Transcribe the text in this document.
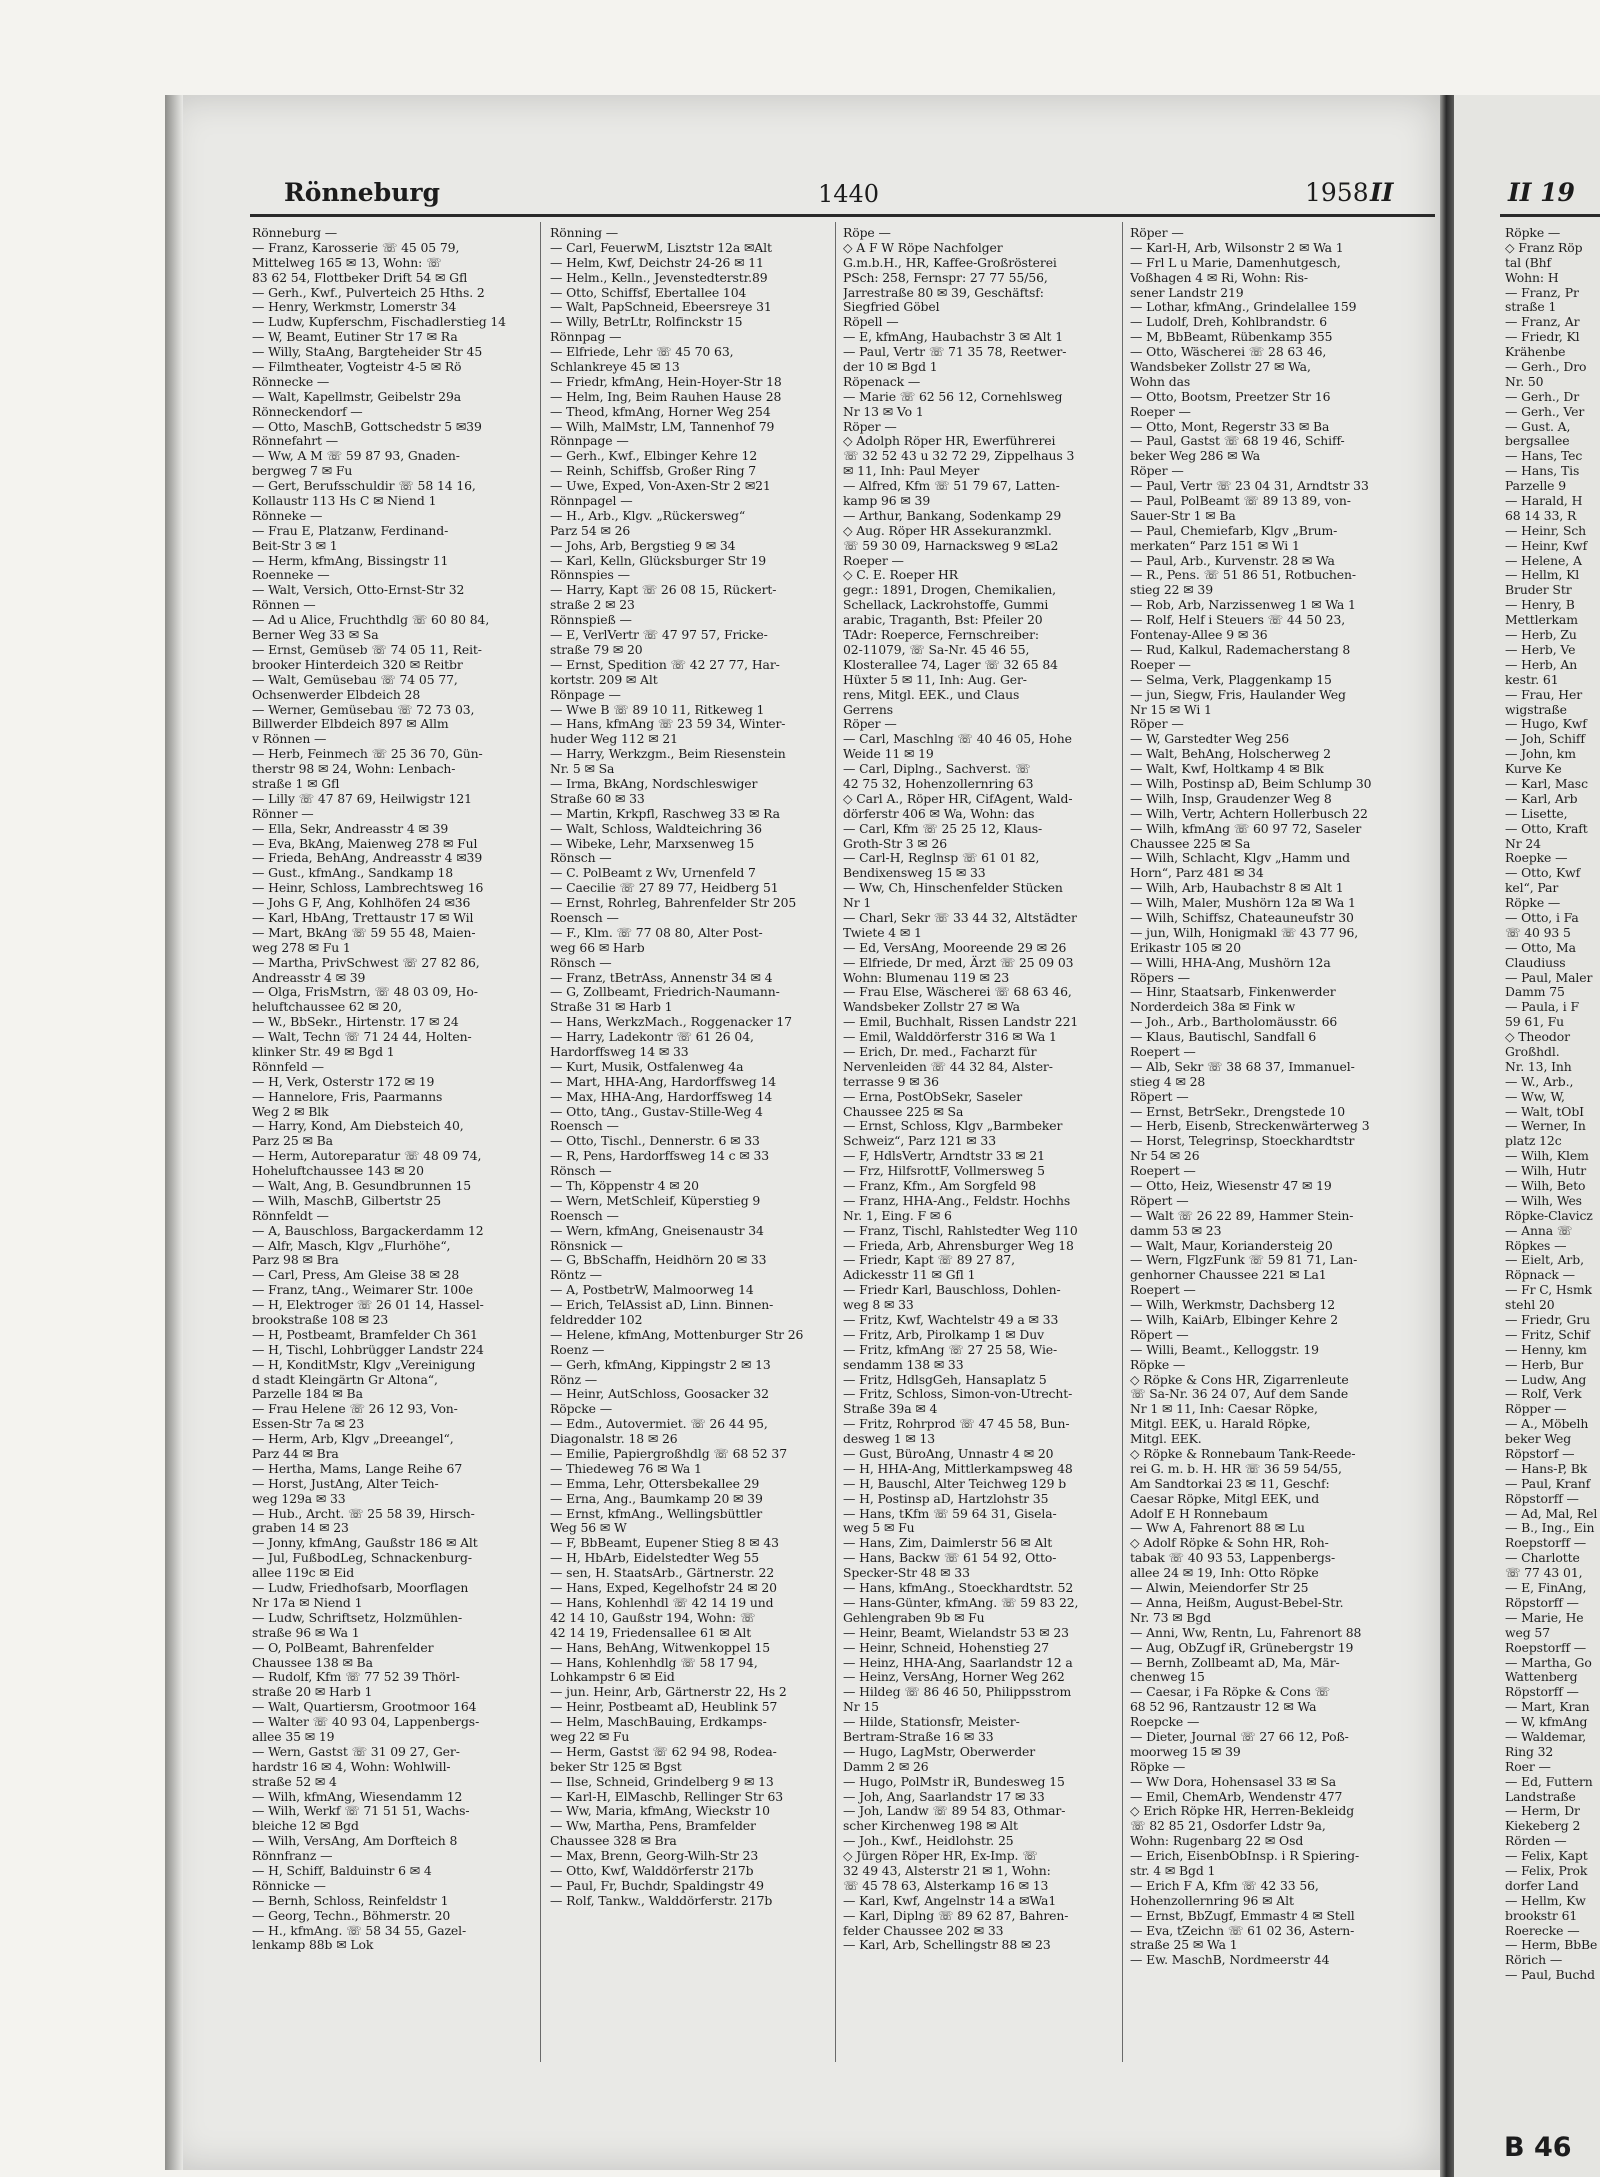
Rönneburg	1440	1958 II	II 19
Rönneburg —
— Franz, Karosserie ☏ 45 05 79,
Mittelweg 165 ✉ 13, Wohn: ☏
83 62 54, Flottbeker Drift 54 ✉ Gfl
— Gerh., Kwf., Pulverteich 25 Hths. 2
— Henry, Werkmstr, Lomerstr 34
— Ludw, Kupferschm, Fischadlerstieg 14
— W, Beamt, Eutiner Str 17 ✉ Ra
— Willy, StaAng, Bargteheider Str 45
— Filmtheater, Vogteistr 4-5 ✉ Rö
Rönnecke —
— Walt, Kapellmstr, Geibelstr 29a
Rönneckendorf —
— Otto, MaschB, Gottschedstr 5 ✉39
Rönnefahrt —
— Ww, A M ☏ 59 87 93, Gnaden-
bergweg 7 ✉ Fu
— Gert, Berufsschuldir ☏ 58 14 16,
Kollaustr 113 Hs C ✉ Niend 1
Rönneke —
— Frau E, Platzanw, Ferdinand-
Beit-Str 3 ✉ 1
— Herm, kfmAng, Bissingstr 11
Roenneke —
— Walt, Versich, Otto-Ernst-Str 32
Rönnen —
— Ad u Alice, Fruchthdlg ☏ 60 80 84,
Berner Weg 33 ✉ Sa
— Ernst, Gemüseb ☏ 74 05 11, Reit-
brooker Hinterdeich 320 ✉ Reitbr
— Walt, Gemüsebau ☏ 74 05 77,
Ochsenwerder Elbdeich 28
— Werner, Gemüsebau ☏ 72 73 03,
Billwerder Elbdeich 897 ✉ Allm
v Rönnen —
— Herb, Feinmech ☏ 25 36 70, Gün-
therstr 98 ✉ 24, Wohn: Lenbach-
straße 1 ✉ Gfl
— Lilly ☏ 47 87 69, Heilwigstr 121
Rönner —
— Ella, Sekr, Andreasstr 4 ✉ 39
— Eva, BkAng, Maienweg 278 ✉ Ful
— Frieda, BehAng, Andreasstr 4 ✉39
— Gust., kfmAng., Sandkamp 18
— Heinr, Schloss, Lambrechtsweg 16
— Johs G F, Ang, Kohlhöfen 24 ✉36
— Karl, HbAng, Trettaustr 17 ✉ Wil
— Mart, BkAng ☏ 59 55 48, Maien-
weg 278 ✉ Fu 1
— Martha, PrivSchwest ☏ 27 82 86,
Andreasstr 4 ✉ 39
— Olga, FrisMstrn, ☏ 48 03 09, Ho-
heluftchaussee 62 ✉ 20,
— W., BbSekr., Hirtenstr. 17 ✉ 24
— Walt, Techn ☏ 71 24 44, Holten-
klinker Str. 49 ✉ Bgd 1
Rönnfeld —
— H, Verk, Osterstr 172 ✉ 19
— Hannelore, Fris, Paarmanns
Weg 2 ✉ Blk
— Harry, Kond, Am Diebsteich 40,
Parz 25 ✉ Ba
— Herm, Autoreparatur ☏ 48 09 74,
Hoheluftchaussee 143 ✉ 20
— Walt, Ang, B. Gesundbrunnen 15
— Wilh, MaschB, Gilbertstr 25
Rönnfeldt —
— A, Bauschloss, Bargackerdamm 12
— Alfr, Masch, Klgv „Flurhöhe“,
Parz 98 ✉ Bra
— Carl, Press, Am Gleise 38 ✉ 28
— Franz, tAng., Weimarer Str. 100e
— H, Elektroger ☏ 26 01 14, Hassel-
brookstraße 108 ✉ 23
— H, Postbeamt, Bramfelder Ch 361
— H, Tischl, Lohbrügger Landstr 224
— H, KonditMstr, Klgv „Vereinigung
d stadt Kleingärtn Gr Altona“,
Parzelle 184 ✉ Ba
— Frau Helene ☏ 26 12 93, Von-
Essen-Str 7a ✉ 23
— Herm, Arb, Klgv „Dreeangel“,
Parz 44 ✉ Bra
— Hertha, Mams, Lange Reihe 67
— Horst, JustAng, Alter Teich-
weg 129a ✉ 33
— Hub., Archt. ☏ 25 58 39, Hirsch-
graben 14 ✉ 23
— Jonny, kfmAng, Gaußstr 186 ✉ Alt
— Jul, FußbodLeg, Schnackenburg-
allee 119c ✉ Eid
— Ludw, Friedhofsarb, Moorflagen
Nr 17a ✉ Niend 1
— Ludw, Schriftsetz, Holzmühlen-
straße 96 ✉ Wa 1
— O, PolBeamt, Bahrenfelder
Chaussee 138 ✉ Ba
— Rudolf, Kfm ☏ 77 52 39 Thörl-
straße 20 ✉ Harb 1
— Walt, Quartiersm, Grootmoor 164
— Walter ☏ 40 93 04, Lappenbergs-
allee 35 ✉ 19
— Wern, Gastst ☏ 31 09 27, Ger-
hardstr 16 ✉ 4, Wohn: Wohlwill-
straße 52 ✉ 4
— Wilh, kfmAng, Wiesendamm 12
— Wilh, Werkf ☏ 71 51 51, Wachs-
bleiche 12 ✉ Bgd
— Wilh, VersAng, Am Dorfteich 8
Rönnfranz —
— H, Schiff, Balduinstr 6 ✉ 4
Rönnicke —
— Bernh, Schloss, Reinfeldstr 1
— Georg, Techn., Böhmerstr. 20
— H., kfmAng. ☏ 58 34 55, Gazel-
lenkamp 88b ✉ Lok
Rönning —
— Carl, FeuerwM, Lisztstr 12a ✉Alt
— Helm, Kwf, Deichstr 24-26 ✉ 11
— Helm., Kelln., Jevenstedterstr.89
— Otto, Schiffsf, Ebertallee 104
— Walt, PapSchneid, Ebeersreye 31
— Willy, BetrLtr, Rolfinckstr 15
Rönnpag —
— Elfriede, Lehr ☏ 45 70 63,
Schlankreye 45 ✉ 13
— Friedr, kfmAng, Hein-Hoyer-Str 18
— Helm, Ing, Beim Rauhen Hause 28
— Theod, kfmAng, Horner Weg 254
— Wilh, MalMstr, LM, Tannenhof 79
Rönnpage —
— Gerh., Kwf., Elbinger Kehre 12
— Reinh, Schiffsb, Großer Ring 7
— Uwe, Exped, Von-Axen-Str 2 ✉21
Rönnpagel —
— H., Arb., Klgv. „Rückersweg“
Parz 54 ✉ 26
— Johs, Arb, Bergstieg 9 ✉ 34
— Karl, Kelln, Glücksburger Str 19
Rönnspies —
— Harry, Kapt ☏ 26 08 15, Rückert-
straße 2 ✉ 23
Rönnspieß —
— E, VerlVertr ☏ 47 97 57, Fricke-
straße 79 ✉ 20
— Ernst, Spedition ☏ 42 27 77, Har-
kortstr. 209 ✉ Alt
Rönpage —
— Wwe B ☏ 89 10 11, Ritkeweg 1
— Hans, kfmAng ☏ 23 59 34, Winter-
huder Weg 112 ✉ 21
— Harry, Werkzgm., Beim Riesenstein
Nr. 5 ✉ Sa
— Irma, BkAng, Nordschleswiger
Straße 60 ✉ 33
— Martin, Krkpfl, Raschweg 33 ✉ Ra
— Walt, Schloss, Waldteichring 36
— Wibeke, Lehr, Marxsenweg 15
Rönsch —
— C. PolBeamt z Wv, Urnenfeld 7
— Caecilie ☏ 27 89 77, Heidberg 51
— Ernst, Rohrleg, Bahrenfelder Str 205
Roensch —
— F., Klm. ☏ 77 08 80, Alter Post-
weg 66 ✉ Harb
Rönsch —
— Franz, tBetrAss, Annenstr 34 ✉ 4
— G, Zollbeamt, Friedrich-Naumann-
Straße 31 ✉ Harb 1
— Hans, WerkzMach., Roggenacker 17
— Harry, Ladekontr ☏ 61 26 04,
Hardorffsweg 14 ✉ 33
— Kurt, Musik, Ostfalenweg 4a
— Mart, HHA-Ang, Hardorffsweg 14
— Max, HHA-Ang, Hardorffsweg 14
— Otto, tAng., Gustav-Stille-Weg 4
Roensch —
— Otto, Tischl., Dennerstr. 6 ✉ 33
— R, Pens, Hardorffsweg 14 c ✉ 33
Rönsch —
— Th, Köppenstr 4 ✉ 20
— Wern, MetSchleif, Küperstieg 9
Roensch —
— Wern, kfmAng, Gneisenaustr 34
Rönsnick —
— G, BbSchaffn, Heidhörn 20 ✉ 33
Röntz —
— A, PostbetrW, Malmoorweg 14
— Erich, TelAssist aD, Linn. Binnen-
feldredder 102
— Helene, kfmAng, Mottenburger Str 26
Roenz —
— Gerh, kfmAng, Kippingstr 2 ✉ 13
Rönz —
— Heinr, AutSchloss, Goosacker 32
Röpcke —
— Edm., Autovermiet. ☏ 26 44 95,
Diagonalstr. 18 ✉ 26
— Emilie, Papiergroßhdlg ☏ 68 52 37
— Thiedeweg 76 ✉ Wa 1
— Emma, Lehr, Ottersbekallee 29
— Erna, Ang., Baumkamp 20 ✉ 39
— Ernst, kfmAng., Wellingsbüttler
Weg 56 ✉ W
— F, BbBeamt, Eupener Stieg 8 ✉ 43
— H, HbArb, Eidelstedter Weg 55
— sen, H. StaatsArb., Gärtnerstr. 22
— Hans, Exped, Kegelhofstr 24 ✉ 20
— Hans, Kohlenhdl ☏ 42 14 19 und
42 14 10, Gaußstr 194, Wohn: ☏
42 14 19, Friedensallee 61 ✉ Alt
— Hans, BehAng, Witwenkoppel 15
— Hans, Kohlenhdlg ☏ 58 17 94,
Lohkampstr 6 ✉ Eid
— jun. Heinr, Arb, Gärtnerstr 22, Hs 2
— Heinr, Postbeamt aD, Heublink 57
— Helm, MaschBauing, Erdkamps-
weg 22 ✉ Fu
— Herm, Gastst ☏ 62 94 98, Rodea-
beker Str 125 ✉ Bgst
— Ilse, Schneid, Grindelberg 9 ✉ 13
— Karl-H, ElMaschb, Rellinger Str 63
— Ww, Maria, kfmAng, Wieckstr 10
— Ww, Martha, Pens, Bramfelder
Chaussee 328 ✉ Bra
— Max, Brenn, Georg-Wilh-Str 23
— Otto, Kwf, Walddörferstr 217b
— Paul, Fr, Buchdr, Spaldingstr 49
— Rolf, Tankw., Walddörferstr. 217b
Röpe —
◇ A F W Röpe Nachfolger
G.m.b.H., HR, Kaffee-Großrösterei
PSch: 258, Fernspr: 27 77 55/56,
Jarrestraße 80 ✉ 39, Geschäftsf:
Siegfried Göbel
Röpell —
— E, kfmAng, Haubachstr 3 ✉ Alt 1
— Paul, Vertr ☏ 71 35 78, Reetwer-
der 10 ✉ Bgd 1
Röpenack —
— Marie ☏ 62 56 12, Cornehlsweg
Nr 13 ✉ Vo 1
Röper —
◇ Adolph Röper HR, Ewerführerei
☏ 32 52 43 u 32 72 29, Zippelhaus 3
✉ 11, Inh: Paul Meyer
— Alfred, Kfm ☏ 51 79 67, Latten-
kamp 96 ✉ 39
— Arthur, Bankang, Sodenkamp 29
◇ Aug. Röper HR Assekuranzmkl.
☏ 59 30 09, Harnacksweg 9 ✉La2
Roeper —
◇ C. E. Roeper HR
gegr.: 1891, Drogen, Chemikalien,
Schellack, Lackrohstoffe, Gummi
arabic, Traganth, Bst: Pfeiler 20
TAdr: Roeperce, Fernschreiber:
02-11079, ☏ Sa-Nr. 45 46 55,
Klosterallee 74, Lager ☏ 32 65 84
Hüxter 5 ✉ 11, Inh: Aug. Ger-
rens, Mitgl. EEK., und Claus
Gerrens
Röper —
— Carl, Maschlng ☏ 40 46 05, Hohe
Weide 11 ✉ 19
— Carl, Diplng., Sachverst. ☏
42 75 32, Hohenzollernring 63
◇ Carl A., Röper HR, CifAgent, Wald-
dörferstr 406 ✉ Wa, Wohn: das
— Carl, Kfm ☏ 25 25 12, Klaus-
Groth-Str 3 ✉ 26
— Carl-H, Reglnsp ☏ 61 01 82,
Bendixensweg 15 ✉ 33
— Ww, Ch, Hinschenfelder Stücken
Nr 1
— Charl, Sekr ☏ 33 44 32, Altstädter
Twiete 4 ✉ 1
— Ed, VersAng, Mooreende 29 ✉ 26
— Elfriede, Dr med, Ärzt ☏ 25 09 03
Wohn: Blumenau 119 ✉ 23
— Frau Else, Wäscherei ☏ 68 63 46,
Wandsbeker Zollstr 27 ✉ Wa
— Emil, Buchhalt, Rissen Landstr 221
— Emil, Walddörferstr 316 ✉ Wa 1
— Erich, Dr. med., Facharzt für
Nervenleiden ☏ 44 32 84, Alster-
terrasse 9 ✉ 36
— Erna, PostObSekr, Saseler
Chaussee 225 ✉ Sa
— Ernst, Schloss, Klgv „Barmbeker
Schweiz“, Parz 121 ✉ 33
— F, HdlsVertr, Arndtstr 33 ✉ 21
— Frz, HilfsrottF, Vollmersweg 5
— Franz, Kfm., Am Sorgfeld 98
— Franz, HHA-Ang., Feldstr. Hochhs
Nr. 1, Eing. F ✉ 6
— Franz, Tischl, Rahlstedter Weg 110
— Frieda, Arb, Ahrensburger Weg 18
— Friedr, Kapt ☏ 89 27 87,
Adickesstr 11 ✉ Gfl 1
— Friedr Karl, Bauschloss, Dohlen-
weg 8 ✉ 33
— Fritz, Kwf, Wachtelstr 49 a ✉ 33
— Fritz, Arb, Pirolkamp 1 ✉ Duv
— Fritz, kfmAng ☏ 27 25 58, Wie-
sendamm 138 ✉ 33
— Fritz, HdlsgGeh, Hansaplatz 5
— Fritz, Schloss, Simon-von-Utrecht-
Straße 39a ✉ 4
— Fritz, Rohrprod ☏ 47 45 58, Bun-
desweg 1 ✉ 13
— Gust, BüroAng, Unnastr 4 ✉ 20
— H, HHA-Ang, Mittlerkampsweg 48
— H, Bauschl, Alter Teichweg 129 b
— H, Postinsp aD, Hartzlohstr 35
— Hans, tKfm ☏ 59 64 31, Gisela-
weg 5 ✉ Fu
— Hans, Zim, Daimlerstr 56 ✉ Alt
— Hans, Backw ☏ 61 54 92, Otto-
Specker-Str 48 ✉ 33
— Hans, kfmAng., Stoeckhardtstr. 52
— Hans-Günter, kfmAng. ☏ 59 83 22,
Gehlengraben 9b ✉ Fu
— Heinr, Beamt, Wielandstr 53 ✉ 23
— Heinr, Schneid, Hohenstieg 27
— Heinz, HHA-Ang, Saarlandstr 12 a
— Heinz, VersAng, Horner Weg 262
— Hildeg ☏ 86 46 50, Philippsstrom
Nr 15
— Hilde, Stationsfr, Meister-
Bertram-Straße 16 ✉ 33
— Hugo, LagMstr, Oberwerder
Damm 2 ✉ 26
— Hugo, PolMstr iR, Bundesweg 15
— Joh, Ang, Saarlandstr 17 ✉ 33
— Joh, Landw ☏ 89 54 83, Othmar-
scher Kirchenweg 198 ✉ Alt
— Joh., Kwf., Heidlohstr. 25
◇ Jürgen Röper HR, Ex-Imp. ☏
32 49 43, Alsterstr 21 ✉ 1, Wohn:
☏ 45 78 63, Alsterkamp 16 ✉ 13
— Karl, Kwf, Angelnstr 14 a ✉Wa1
— Karl, Diplng ☏ 89 62 87, Bahren-
felder Chaussee 202 ✉ 33
— Karl, Arb, Schellingstr 88 ✉ 23
Röper —
— Karl-H, Arb, Wilsonstr 2 ✉ Wa 1
— Frl L u Marie, Damenhutgesch,
Voßhagen 4 ✉ Ri, Wohn: Ris-
sener Landstr 219
— Lothar, kfmAng., Grindelallee 159
— Ludolf, Dreh, Kohlbrandstr. 6
— M, BbBeamt, Rübenkamp 355
— Otto, Wäscherei ☏ 28 63 46,
Wandsbeker Zollstr 27 ✉ Wa,
Wohn das
— Otto, Bootsm, Preetzer Str 16
Roeper —
— Otto, Mont, Regerstr 33 ✉ Ba
— Paul, Gastst ☏ 68 19 46, Schiff-
beker Weg 286 ✉ Wa
Röper —
— Paul, Vertr ☏ 23 04 31, Arndtstr 33
— Paul, PolBeamt ☏ 89 13 89, von-
Sauer-Str 1 ✉ Ba
— Paul, Chemiefarb, Klgv „Brum-
merkaten“ Parz 151 ✉ Wi 1
— Paul, Arb., Kurvenstr. 28 ✉ Wa
— R., Pens. ☏ 51 86 51, Rotbuchen-
stieg 22 ✉ 39
— Rob, Arb, Narzissenweg 1 ✉ Wa 1
— Rolf, Helf i Steuers ☏ 44 50 23,
Fontenay-Allee 9 ✉ 36
— Rud, Kalkul, Rademacherstang 8
Roeper —
— Selma, Verk, Plaggenkamp 15
— jun, Siegw, Fris, Haulander Weg
Nr 15 ✉ Wi 1
Röper —
— W, Garstedter Weg 256
— Walt, BehAng, Holscherweg 2
— Walt, Kwf, Holtkamp 4 ✉ Blk
— Wilh, Postinsp aD, Beim Schlump 30
— Wilh, Insp, Graudenzer Weg 8
— Wilh, Vertr, Achtern Hollerbusch 22
— Wilh, kfmAng ☏ 60 97 72, Saseler
Chaussee 225 ✉ Sa
— Wilh, Schlacht, Klgv „Hamm und
Horn“, Parz 481 ✉ 34
— Wilh, Arb, Haubachstr 8 ✉ Alt 1
— Wilh, Maler, Mushörn 12a ✉ Wa 1
— Wilh, Schiffsz, Chateauneufstr 30
— jun, Wilh, Honigmakl ☏ 43 77 96,
Erikastr 105 ✉ 20
— Willi, HHA-Ang, Mushörn 12a
Röpers —
— Hinr, Staatsarb, Finkenwerder
Norderdeich 38a ✉ Fink w
— Joh., Arb., Bartholomäusstr. 66
— Klaus, Bautischl, Sandfall 6
Roepert —
— Alb, Sekr ☏ 38 68 37, Immanuel-
stieg 4 ✉ 28
Röpert —
— Ernst, BetrSekr., Drengstede 10
— Herb, Eisenb, Streckenwärterweg 3
— Horst, Telegrinsp, Stoeckhardtstr
Nr 54 ✉ 26
Roepert —
— Otto, Heiz, Wiesenstr 47 ✉ 19
Röpert —
— Walt ☏ 26 22 89, Hammer Stein-
damm 53 ✉ 23
— Walt, Maur, Koriandersteig 20
— Wern, FlgzFunk ☏ 59 81 71, Lan-
genhorner Chaussee 221 ✉ La1
Roepert —
— Wilh, Werkmstr, Dachsberg 12
— Wilh, KaiArb, Elbinger Kehre 2
Röpert —
— Willi, Beamt., Kelloggstr. 19
Röpke —
◇ Röpke & Cons HR, Zigarrenleute
☏ Sa-Nr. 36 24 07, Auf dem Sande
Nr 1 ✉ 11, Inh: Caesar Röpke,
Mitgl. EEK, u. Harald Röpke,
Mitgl. EEK.
◇ Röpke & Ronnebaum Tank-Reede-
rei G. m. b. H. HR ☏ 36 59 54/55,
Am Sandtorkai 23 ✉ 11, Geschf:
Caesar Röpke, Mitgl EEK, und
Adolf E H Ronnebaum
— Ww A, Fahrenort 88 ✉ Lu
◇ Adolf Röpke & Sohn HR, Roh-
tabak ☏ 40 93 53, Lappenbergs-
allee 24 ✉ 19, Inh: Otto Röpke
— Alwin, Meiendorfer Str 25
— Anna, Heißm, August-Bebel-Str.
Nr. 73 ✉ Bgd
— Anni, Ww, Rentn, Lu, Fahrenort 88
— Aug, ObZugf iR, Grünebergstr 19
— Bernh, Zollbeamt aD, Ma, Mär-
chenweg 15
— Caesar, i Fa Röpke & Cons ☏
68 52 96, Rantzaustr 12 ✉ Wa
Roepcke —
— Dieter, Journal ☏ 27 66 12, Poß-
moorweg 15 ✉ 39
Röpke —
— Ww Dora, Hohensasel 33 ✉ Sa
— Emil, ChemArb, Wendenstr 477
◇ Erich Röpke HR, Herren-Bekleidg
☏ 82 85 21, Osdorfer Ldstr 9a,
Wohn: Rugenbarg 22 ✉ Osd
— Erich, EisenbObInsp. i R Spiering-
str. 4 ✉ Bgd 1
— Erich F A, Kfm ☏ 42 33 56,
Hohenzollernring 96 ✉ Alt
— Ernst, BbZugf, Emmastr 4 ✉ Stell
— Eva, tZeichn ☏ 61 02 36, Astern-
straße 25 ✉ Wa 1
— Ew. MaschB, Nordmeerstr 44
Röpke —
◇ Franz Röp
tal (Bhf
Wohn: H
— Franz, Pr
straße 1
— Franz, Ar
— Friedr, Kl
Krähenbe
— Gerh., Dro
Nr. 50
— Gerh., Dr
— Gerh., Ver
— Gust. A,
bergsallee
— Hans, Tec
— Hans, Tis
Parzelle 9
— Harald, H
68 14 33, R
— Heinr, Sch
— Heinr, Kwf
— Helene, A
— Hellm, Kl
Bruder Str
— Henry, B
Mettlerkam
— Herb, Zu
— Herb, Ve
— Herb, An
kestr. 61
— Frau, Her
wigstraße
— Hugo, Kwf
— Joh, Schiff
— John, km
Kurve Ke
— Karl, Masc
— Karl, Arb
— Lisette,
— Otto, Kraft
Nr 24
Roepke —
— Otto, Kwf
kel“, Par
Röpke —
— Otto, i Fa
☏ 40 93 5
— Otto, Ma
Claudiuss
— Paul, Maler
Damm 75
— Paula, i F
59 61, Fu
◇ Theodor
Großhdl.
Nr. 13, Inh
— W., Arb.,
— Ww, W,
— Walt, tObI
— Werner, In
platz 12c
— Wilh, Klem
— Wilh, Hutr
— Wilh, Beto
— Wilh, Wes
Röpke-Clavicz
— Anna ☏
Röpkes —
— Eielt, Arb,
Röpnack —
— Fr C, Hsmk
stehl 20
— Friedr, Gru
— Fritz, Schif
— Henny, km
— Herb, Bur
— Ludw, Ang
— Rolf, Verk
Röpper —
— A., Möbelh
beker Weg
Röpstorf —
— Hans-P, Bk
— Paul, Kranf
Röpstorff —
— Ad, Mal, Rel
— B., Ing., Ein
Roepstorff —
— Charlotte
☏ 77 43 01,
— E, FinAng,
Röpstorff —
— Marie, He
weg 57
Roepstorff —
— Martha, Go
Wattenberg
Röpstorff —
— Mart, Kran
— W, kfmAng
— Waldemar,
Ring 32
Roer —
— Ed, Futtern
Landstraße
— Herm, Dr
Kiekeberg 2
Rörden —
— Felix, Kapt
— Felix, Prok
dorfer Land
— Hellm, Kw
brookstr 61
Roerecke —
— Herm, BbBe
Rörich —
— Paul, Buchd
B 46
